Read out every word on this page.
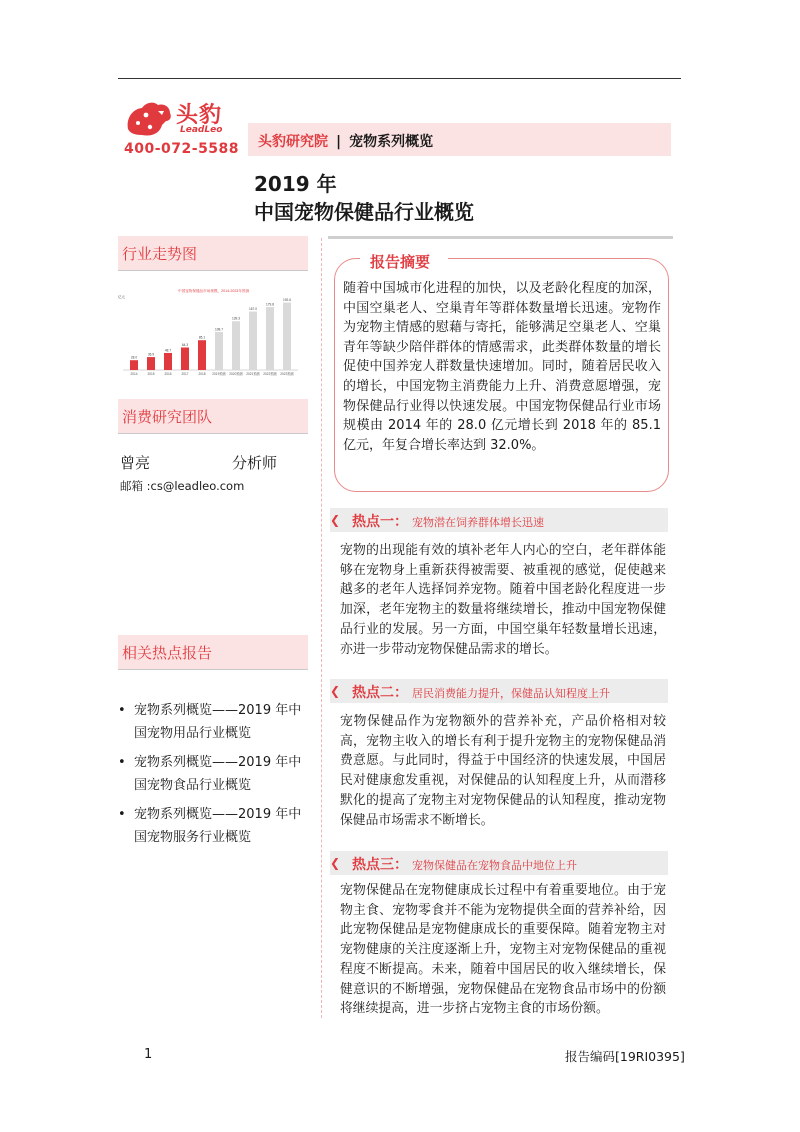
头豹
LeadLeo
400-072-5588 头豹研究院 | 宠物系列概览
2019 年
中国宠物保健品行业概览
行业走势图
中国宠物保健品市场规模，2014-2023年预测
亿元
28.0
2014
36.9
2015
48.7
2016
64.3
2017
85.1
2018
108.7
2019预测
139.3
2020预测
167.0
2021预测
179.8
2022预测
192.6
2023预测
消费研究团队
曾亮	分析师
邮箱 :cs@leadleo.com
相关热点报告
• 宠物系列概览——2019 年中国宠物用品行业概览
• 宠物系列概览——2019 年中国宠物食品行业概览
• 宠物系列概览——2019 年中国宠物服务行业概览
报告摘要
随着中国城市化进程的加快，以及老龄化程度的加深，中国空巢老人、空巢青年等群体数量增长迅速。宠物作为宠物主情感的慰藉与寄托，能够满足空巢老人、空巢青年等缺少陪伴群体的情感需求，此类群体数量的增长促使中国养宠人群数量快速增加。同时，随着居民收入的增长，中国宠物主消费能力上升、消费意愿增强，宠物保健品行业得以快速发展。中国宠物保健品行业市场规模由 2014 年的 28.0 亿元增长到 2018 年的 85.1 亿元，年复合增长率达到 32.0%。
❮ 热点一： 宠物潜在饲养群体增长迅速
宠物的出现能有效的填补老年人内心的空白，老年群体能够在宠物身上重新获得被需要、被重视的感觉，促使越来越多的老年人选择饲养宠物。随着中国老龄化程度进一步加深，老年宠物主的数量将继续增长，推动中国宠物保健品行业的发展。另一方面，中国空巢年轻数量增长迅速，亦进一步带动宠物保健品需求的增长。
❮ 热点二： 居民消费能力提升，保健品认知程度上升
宠物保健品作为宠物额外的营养补充，产品价格相对较高，宠物主收入的增长有利于提升宠物主的宠物保健品消费意愿。与此同时，得益于中国经济的快速发展，中国居民对健康愈发重视，对保健品的认知程度上升，从而潜移默化的提高了宠物主对宠物保健品的认知程度，推动宠物保健品市场需求不断增长。
❮ 热点三： 宠物保健品在宠物食品中地位上升
宠物保健品在宠物健康成长过程中有着重要地位。由于宠物主食、宠物零食并不能为宠物提供全面的营养补给，因此宠物保健品是宠物健康成长的重要保障。随着宠物主对宠物健康的关注度逐渐上升，宠物主对宠物保健品的重视程度不断提高。未来，随着中国居民的收入继续增长，保健意识的不断增强，宠物保健品在宠物食品市场中的份额将继续提高，进一步挤占宠物主食的市场份额。
1	报告编码[19RI0395]
